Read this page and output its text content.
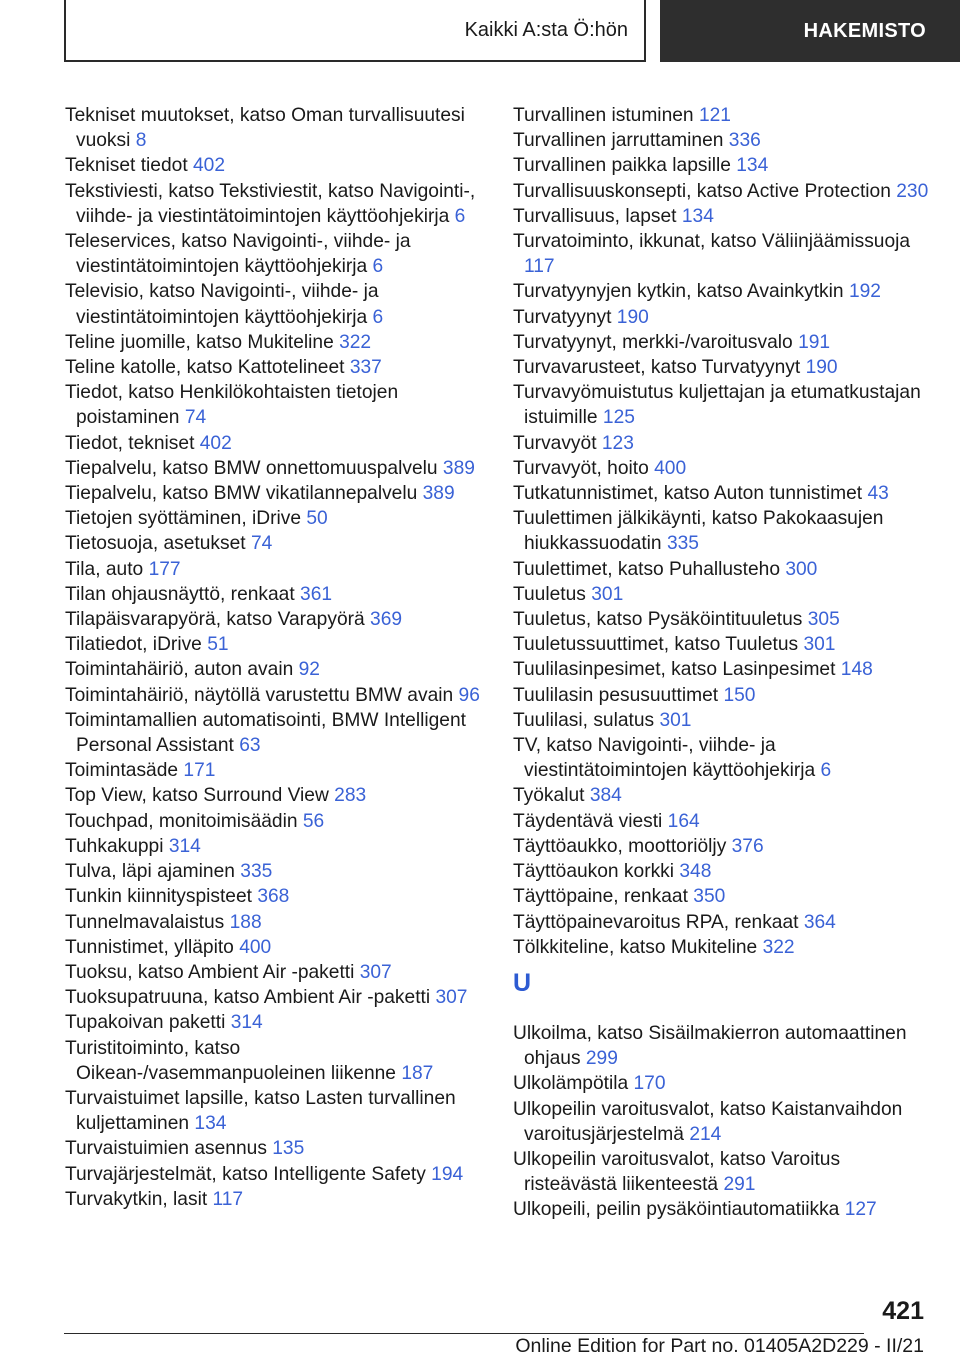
Kaikki A:sta Ö:hön	HAKEMISTO
Tekniset muutokset, katso Oman turvallisuutesi vuoksi 8
Tekniset tiedot 402
Tekstiviesti, katso Tekstiviestit, katso Navigointi-, viihde- ja viestintätoimintojen käyttöohjekirja 6
Teleservices, katso Navigointi-, viihde- ja viestintätoimintojen käyttöohjekirja 6
Televisio, katso Navigointi-, viihde- ja viestintätoimintojen käyttöohjekirja 6
Teline juomille, katso Mukiteline 322
Teline katolle, katso Kattotelineet 337
Tiedot, katso Henkilökohtaisten tietojen poistaminen 74
Tiedot, tekniset 402
Tiepalvelu, katso BMW onnettomuuspalvelu 389
Tiepalvelu, katso BMW vikatilannepalvelu 389
Tietojen syöttäminen, iDrive 50
Tietosuoja, asetukset 74
Tila, auto 177
Tilan ohjausnäyttö, renkaat 361
Tilapäisvarapyörä, katso Varapyörä 369
Tilatiedot, iDrive 51
Toimintahäiriö, auton avain 92
Toimintahäiriö, näytöllä varustettu BMW avain 96
Toimintamallien automatisointi, BMW Intelligent Personal Assistant 63
Toimintasäde 171
Top View, katso Surround View 283
Touchpad, monitoimisäädin 56
Tuhkakuppi 314
Tulva, läpi ajaminen 335
Tunkin kiinnityspisteet 368
Tunnelmavalaistus 188
Tunnistimet, ylläpito 400
Tuoksu, katso Ambient Air -paketti 307
Tuoksupatruuna, katso Ambient Air -paketti 307
Tupakoivan paketti 314
Turistitoiminto, katso Oikean-/vasemmanpuoleinen liikenne 187
Turvaistuimet lapsille, katso Lasten turvallinen kuljettaminen 134
Turvaistuimien asennus 135
Turvajärjestelmät, katso Intelligente Safety 194
Turvakytkin, lasit 117
Turvallinen istuminen 121
Turvallinen jarruttaminen 336
Turvallinen paikka lapsille 134
Turvallisuuskonsepti, katso Active Protection 230
Turvallisuus, lapset 134
Turvatoiminto, ikkunat, katso Väliinjäämissuoja 117
Turvatyynyjen kytkin, katso Avainkytkin 192
Turvatyynyt 190
Turvatyynyt, merkki-/varoitusvalo 191
Turvavarusteet, katso Turvatyynyt 190
Turvavyömuistutus kuljettajan ja etumatkustajan istuimille 125
Turvavyöt 123
Turvavyöt, hoito 400
Tutkatunnistimet, katso Auton tunnistimet 43
Tuulettimen jälkikäynti, katso Pakokaasujen hiukkassuodatin 335
Tuulettimet, katso Puhallusteho 300
Tuuletus 301
Tuuletus, katso Pysäköintituuletus 305
Tuuletussuuttimet, katso Tuuletus 301
Tuulilasinpesimet, katso Lasinpesimet 148
Tuulilasin pesusuuttimet 150
Tuulilasi, sulatus 301
TV, katso Navigointi-, viihde- ja viestintätoimintojen käyttöohjekirja 6
Työkalut 384
Täydentävä viesti 164
Täyttöaukko, moottoriöljy 376
Täyttöaukon korkki 348
Täyttöpaine, renkaat 350
Täyttöpainevaroitus RPA, renkaat 364
Tölkkiteline, katso Mukiteline 322
U
Ulkoilma, katso Sisäilmakierron automaattinen ohjaus 299
Ulkolämpötila 170
Ulkopeilin varoitusvalot, katso Kaistanvaihdon varoitusjärjestelmä 214
Ulkopeilin varoitusvalot, katso Varoitus risteävästä liikenteestä 291
Ulkopeili, peilin pysäköintiautomatiikka 127
421
Online Edition for Part no. 01405A2D229 - II/21
